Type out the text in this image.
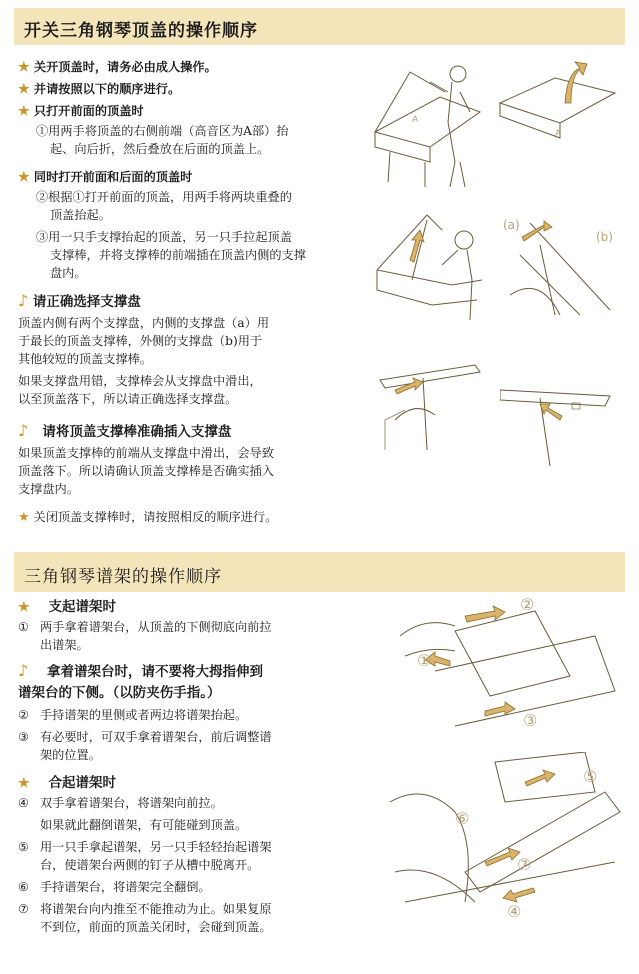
开关三角钢琴顶盖的操作顺序
★ 关开顶盖时，请务必由成人操作。
★ 并请按照以下的顺序进行。
★ 只打开前面的顶盖时
①用两手将顶盖的右侧前端（高音区为A部）抬
起、向后折，然后叠放在后面的顶盖上。
★ 同时打开前面和后面的顶盖时
②根据①打开前面的顶盖，用两手将两块重叠的
顶盖抬起。
③用一只手支撑抬起的顶盖，另一只手拉起顶盖
支撑棒，并将支撑棒的前端插在顶盖内侧的支撑
盘内。
♪ 请正确选择支撑盘
顶盖内侧有两个支撑盘，内侧的支撑盘（a）用
于最长的顶盖支撑棒，外侧的支撑盘（b)用于
其他较短的顶盖支撑棒。
如果支撑盘用错，支撑棒会从支撑盘中滑出，
以至顶盖落下，所以请正确选择支撑盘。
♪ 请将顶盖支撑棒准确插入支撑盘
如果顶盖支撑棒的前端从支撑盘中滑出，会导致
顶盖落下。所以请确认顶盖支撑棒是否确实插入
支撑盘内。
★ 关闭顶盖支撑棒时，请按照相反的顺序进行。
A
A
(a)
(b)
三角钢琴谱架的操作顺序
★ 支起谱架时
① 两手拿着谱架台，从顶盖的下侧彻底向前拉
出谱架。
♪ 拿着谱架台时，请不要将大拇指伸到
谱架台的下侧。（以防夹伤手指。）
② 手持谱架的里侧或者两边将谱架抬起。
③ 有必要时，可双手拿着谱架台，前后调整谱
架的位置。
★ 合起谱架时
④ 双手拿着谱架台，将谱架向前拉。
如果就此翻倒谱架，有可能碰到顶盖。
⑤ 用一只手拿起谱架，另一只手轻轻抬起谱架
台，使谱架台两侧的钉子从槽中脱离开。
⑥ 手持谱架台，将谱架完全翻倒。
⑦ 将谱架台向内推至不能推动为止。如果复原
不到位，前面的顶盖关闭时，会碰到顶盖。
①
②
③
⑤
⑥
⑦
④
